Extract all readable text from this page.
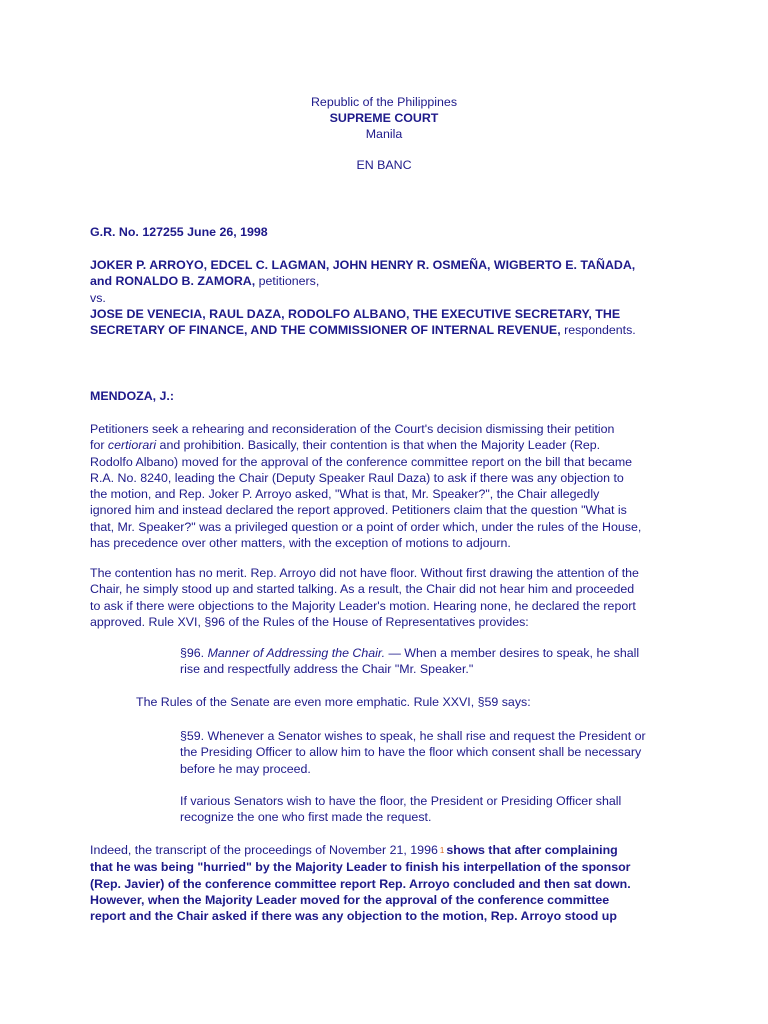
Republic of the Philippines
SUPREME COURT
Manila
EN BANC
G.R. No. 127255 June 26, 1998
JOKER P. ARROYO, EDCEL C. LAGMAN, JOHN HENRY R. OSMEÑA, WIGBERTO E. TAÑADA,
and RONALDO B. ZAMORA, petitioners,
vs.
JOSE DE VENECIA, RAUL DAZA, RODOLFO ALBANO, THE EXECUTIVE SECRETARY, THE
SECRETARY OF FINANCE, AND THE COMMISSIONER OF INTERNAL REVENUE, respondents.
MENDOZA, J.:
Petitioners seek a rehearing and reconsideration of the Court's decision dismissing their petition
for certiorari and prohibition. Basically, their contention is that when the Majority Leader (Rep.
Rodolfo Albano) moved for the approval of the conference committee report on the bill that became
R.A. No. 8240, leading the Chair (Deputy Speaker Raul Daza) to ask if there was any objection to
the motion, and Rep. Joker P. Arroyo asked, "What is that, Mr. Speaker?", the Chair allegedly
ignored him and instead declared the report approved. Petitioners claim that the question "What is
that, Mr. Speaker?" was a privileged question or a point of order which, under the rules of the House,
has precedence over other matters, with the exception of motions to adjourn.
The contention has no merit. Rep. Arroyo did not have floor. Without first drawing the attention of the
Chair, he simply stood up and started talking. As a result, the Chair did not hear him and proceeded
to ask if there were objections to the Majority Leader's motion. Hearing none, he declared the report
approved. Rule XVI, §96 of the Rules of the House of Representatives provides:
§96. Manner of Addressing the Chair. — When a member desires to speak, he shall
rise and respectfully address the Chair "Mr. Speaker."
The Rules of the Senate are even more emphatic. Rule XXVI, §59 says:
§59. Whenever a Senator wishes to speak, he shall rise and request the President or
the Presiding Officer to allow him to have the floor which consent shall be necessary
before he may proceed.
If various Senators wish to have the floor, the President or Presiding Officer shall
recognize the one who first made the request.
Indeed, the transcript of the proceedings of November 21, 1996 1 shows that after complaining
that he was being "hurried" by the Majority Leader to finish his interpellation of the sponsor
(Rep. Javier) of the conference committee report Rep. Arroyo concluded and then sat down.
However, when the Majority Leader moved for the approval of the conference committee
report and the Chair asked if there was any objection to the motion, Rep. Arroyo stood up
